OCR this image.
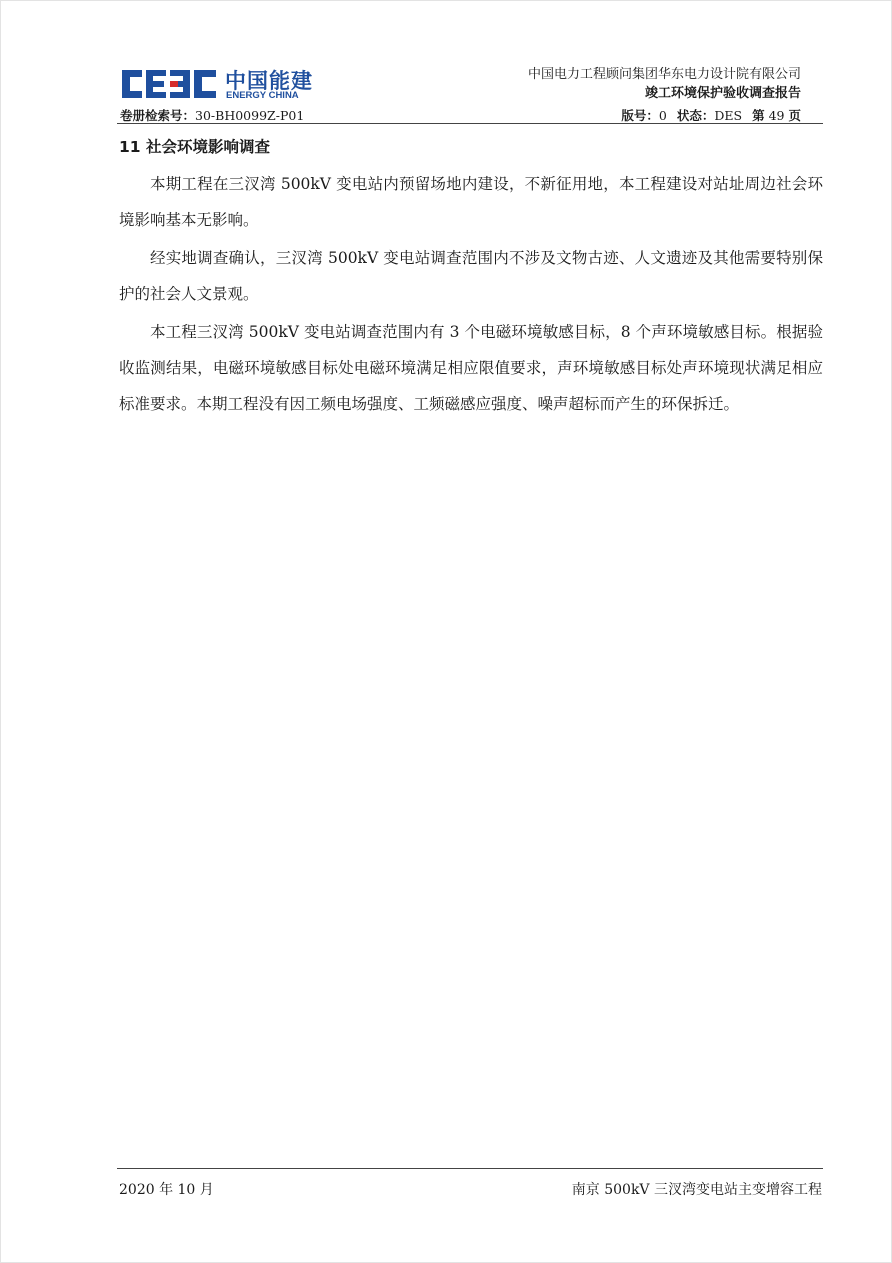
中国能建
ENERGY CHINA
中国电力工程顾问集团华东电力设计院有限公司
竣工环境保护验收调查报告
卷册检索号：30-BH0099Z-P01	版号：0 状态：DES 第 49 页
11 社会环境影响调查

本期工程在三汊湾 500kV 变电站内预留场地内建设，不新征用地，本工程建设对站址周边社会环境影响基本无影响。

经实地调查确认，三汊湾 500kV 变电站调查范围内不涉及文物古迹、人文遗迹及其他需要特别保护的社会人文景观。

本工程三汊湾 500kV 变电站调查范围内有 3 个电磁环境敏感目标，8 个声环境敏感目标。根据验收监测结果，电磁环境敏感目标处电磁环境满足相应限值要求，声环境敏感目标处声环境现状满足相应标准要求。本期工程没有因工频电场强度、工频磁感应强度、噪声超标而产生的环保拆迁。

2020 年 10 月	南京 500kV 三汊湾变电站主变增容工程
